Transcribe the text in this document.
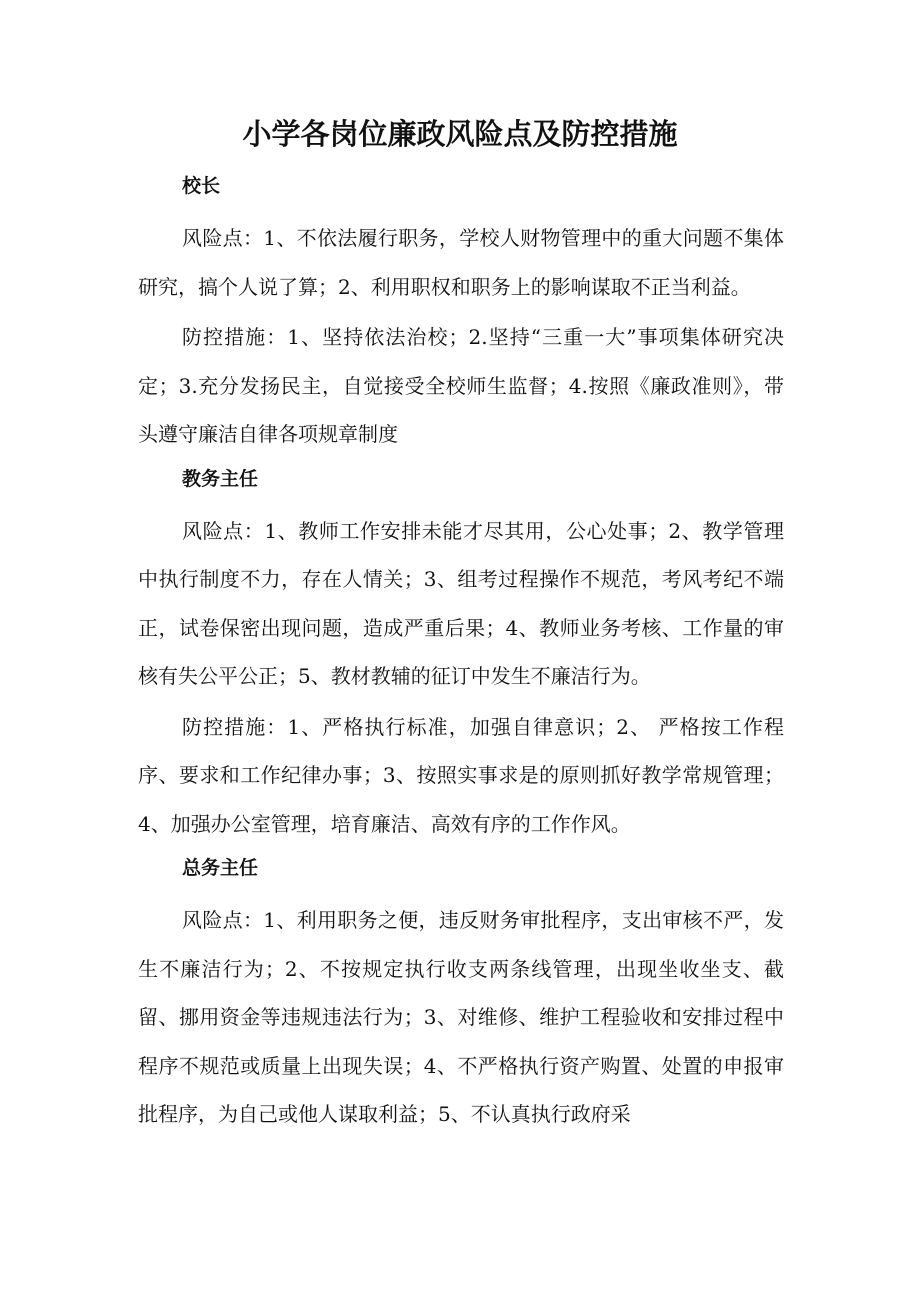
小学各岗位廉政风险点及防控措施

校长

风险点：1、不依法履行职务，学校人财物管理中的重大问题不集体研究，搞个人说了算；2、利用职权和职务上的影响谋取不正当利益。

防控措施：1、坚持依法治校；2.坚持“三重一大”事项集体研究决定；3.充分发扬民主，自觉接受全校师生监督；4.按照《廉政准则》，带头遵守廉洁自律各项规章制度

教务主任

风险点：1、教师工作安排未能才尽其用，公心处事；2、教学管理中执行制度不力，存在人情关；3、组考过程操作不规范，考风考纪不端正，试卷保密出现问题，造成严重后果；4、教师业务考核、工作量的审核有失公平公正；5、教材教辅的征订中发生不廉洁行为。

防控措施：1、严格执行标准，加强自律意识；2、 严格按工作程序、要求和工作纪律办事；3、按照实事求是的原则抓好教学常规管理；4、加强办公室管理，培育廉洁、高效有序的工作作风。

总务主任

风险点：1、利用职务之便，违反财务审批程序，支出审核不严，发生不廉洁行为；2、不按规定执行收支两条线管理，出现坐收坐支、截留、挪用资金等违规违法行为；3、对维修、维护工程验收和安排过程中程序不规范或质量上出现失误；4、不严格执行资产购置、处置的申报审批程序，为自己或他人谋取利益；5、不认真执行政府采
